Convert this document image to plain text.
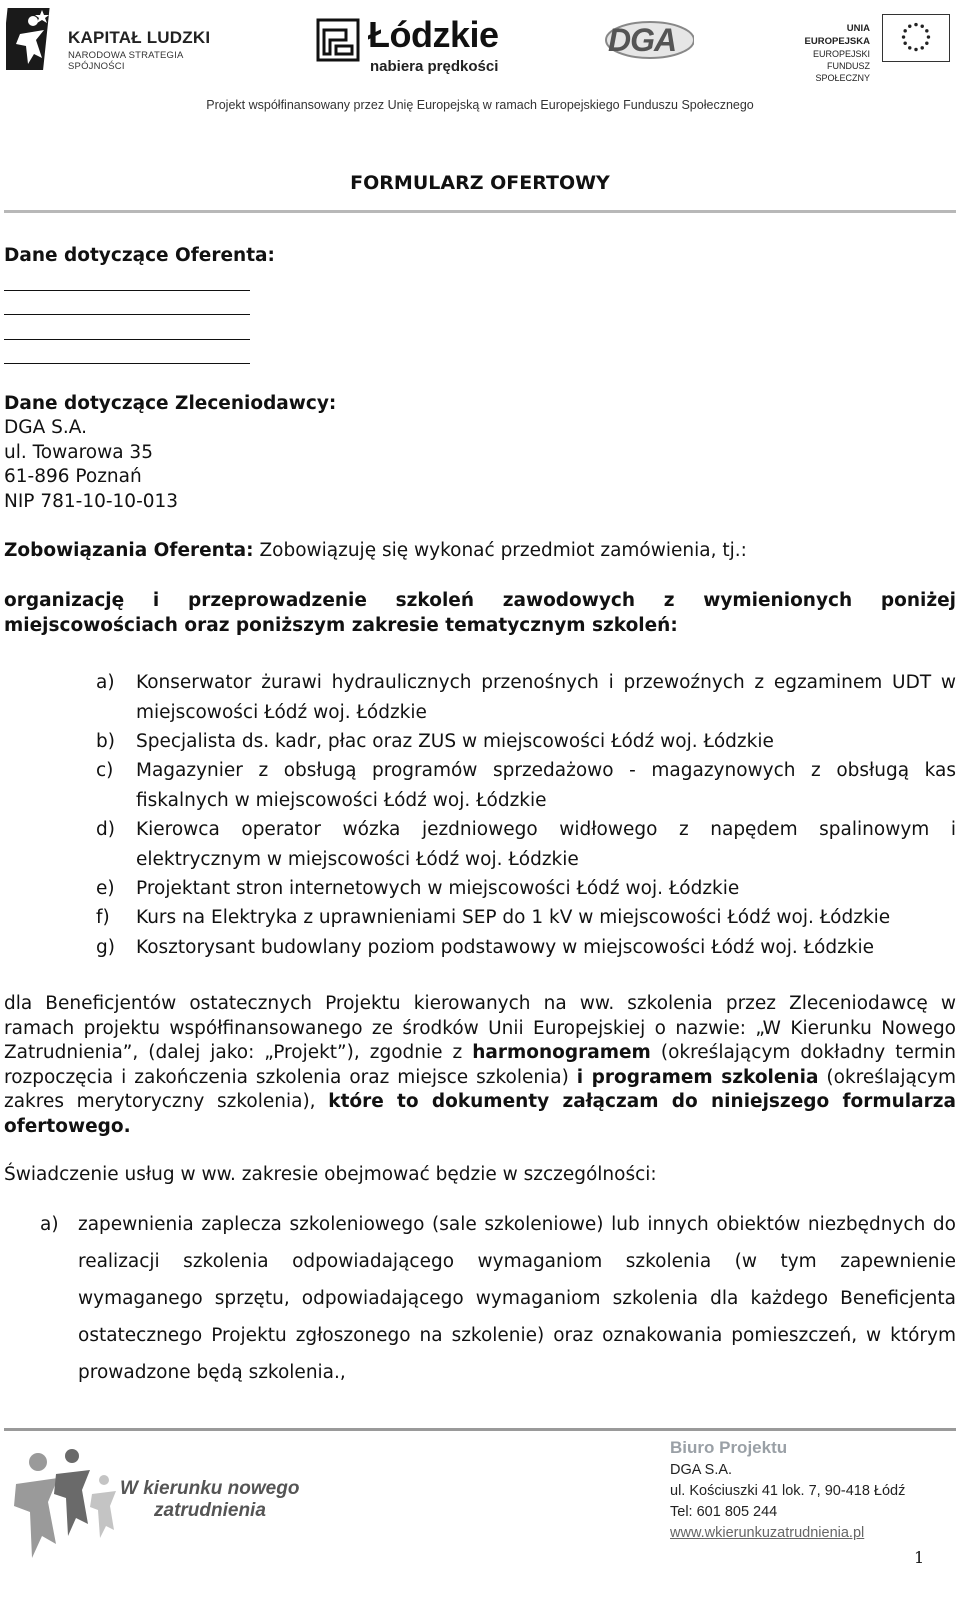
KAPITAŁ LUDZKI
NARODOWA STRATEGIA SPÓJNOŚCI
Łódzkie
nabiera prędkości
DGA	UNIA EUROPEJSKA
EUROPEJSKI
FUNDUSZ SPOŁECZNY
Projekt współfinansowany przez Unię Europejską w ramach Europejskiego Funduszu Społecznego
FORMULARZ OFERTOWY
Dane dotyczące Oferenta:
Dane dotyczące Zleceniodawcy:
DGA S.A.
ul. Towarowa 35
61-896 Poznań
NIP 781-10-10-013
Zobowiązania Oferenta: Zobowiązuję się wykonać przedmiot zamówienia, tj.:
organizację i przeprowadzenie szkoleń zawodowych z wymienionych poniżej
miejscowościach oraz poniższym zakresie tematycznym szkoleń:
a) Konserwator żurawi hydraulicznych przenośnych i przewoźnych z egzaminem UDT w miejscowości Łódź woj. Łódzkie
b) Specjalista ds. kadr, płac oraz ZUS w miejscowości Łódź woj. Łódzkie
c) Magazynier z obsługą programów sprzedażowo - magazynowych z obsługą kas fiskalnych w miejscowości Łódź woj. Łódzkie
d) Kierowca operator wózka jezdniowego widłowego z napędem spalinowym i elektrycznym w miejscowości Łódź woj. Łódzkie
e) Projektant stron internetowych w miejscowości Łódź woj. Łódzkie
f) Kurs na Elektryka z uprawnieniami SEP do 1 kV w miejscowości Łódź woj. Łódzkie
g) Kosztorysant budowlany poziom podstawowy w miejscowości Łódź woj. Łódzkie
dla Beneficjentów ostatecznych Projektu kierowanych na ww. szkolenia przez Zleceniodawcę w ramach projektu współfinansowanego ze środków Unii Europejskiej o nazwie: „W Kierunku Nowego Zatrudnienia”, (dalej jako: „Projekt”), zgodnie z harmonogramem (określającym dokładny termin rozpoczęcia i zakończenia szkolenia oraz miejsce szkolenia) i programem szkolenia (określającym zakres merytoryczny szkolenia), które to dokumenty załączam do niniejszego formularza ofertowego.
Świadczenie usług w ww. zakresie obejmować będzie w szczególności:
a) zapewnienia zaplecza szkoleniowego (sale szkoleniowe) lub innych obiektów niezbędnych do realizacji szkolenia odpowiadającego wymaganiom szkolenia (w tym zapewnienie wymaganego sprzętu, odpowiadającego wymaganiom szkolenia dla każdego Beneficjenta ostatecznego Projektu zgłoszonego na szkolenie) oraz oznakowania pomieszczeń, w którym prowadzone będą szkolenia.,
W kierunku nowego
zatrudnienia
Biuro Projektu
DGA S.A.
ul. Kościuszki 41 lok. 7, 90-418 Łódź
Tel: 601 805 244
www.wkierunkuzatrudnienia.pl
1
